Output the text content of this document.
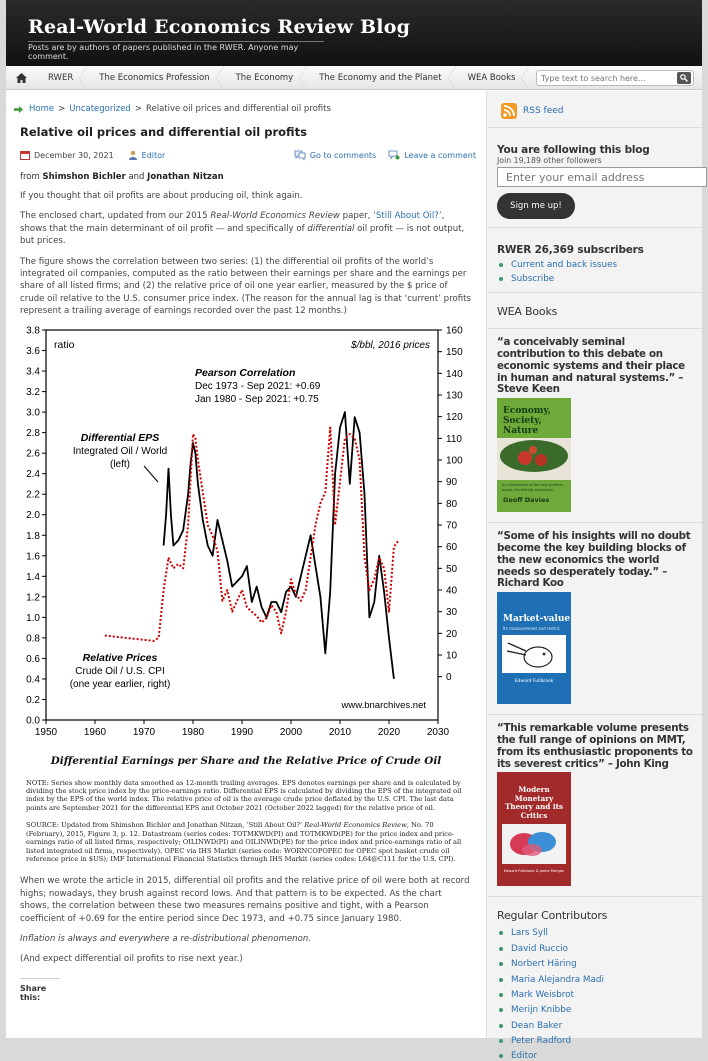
Real-World Economics Review Blog
Posts are by authors of papers published in the RWER. Anyone may comment.
RWER	The Economics Profession	The Economy	The Economy and the Planet	WEA Books
Type text to search here...
Home > Uncategorized > Relative oil prices and differential oil profits
Relative oil prices and differential oil profits
December 30, 2021	Editor	Go to comments	Leave a comment
from Shimshon Bichler and Jonathan Nitzan

If you thought that oil profits are about producing oil, think again.

The enclosed chart, updated from our 2015 Real-World Economics Review paper, ‘Still About Oil?’, shows that the main determinant of oil profit — and specifically of differential oil profit — is not output, but prices.

The figure shows the correlation between two series: (1) the differential oil profits of the world’s integrated oil companies, computed as the ratio between their earnings per share and the earnings per share of all listed firms; and (2) the relative price of oil one year earlier, measured by the $ price of crude oil relative to the U.S. consumer price index. (The reason for the annual lag is that ‘current’ profits represent a trailing average of earnings recorded over the past 12 months.)

1950	1960	1970	1980	1990	2000	2010	2020	2030
0.0
0.2
0.4
0.6
0.8
1.0
1.2
1.4
1.6
1.8
2.0
2.2
2.4
2.6
2.8
3.0
3.2
3.4
3.6
3.8
0
10
20
30
40
50
60
70
80
90
100
110
120
130
140
150
160
ratio	$/bbl, 2016 prices
Pearson Correlation
Dec 1973 - Sep 2021: +0.69
Jan 1980 - Sep 2021: +0.75
Differential EPS
Integrated Oil / World
(left)
Relative Prices
Crude Oil / U.S. CPI
(one year earlier, right)
www.bnarchives.net
Differential Earnings per Share and the Relative Price of Crude Oil
NOTE: Series show monthly data smoothed as 12-month trailing averages. EPS denotes earnings per share and is calculated by dividing the stock price index by the price-earnings ratio. Differential EPS is calculated by dividing the EPS of the integrated oil index by the EPS of the world index. The relative price of oil is the average crude price deflated by the U.S. CPI. The last data points are September 2021 for the differential EPS and October 2021 (October 2022 lagged) for the relative price of oil.
SOURCE: Updated from Shimshon Bichler and Jonathan Nitzan, ‘Still About Oil?’ Real-World Economics Review, No. 70 (February), 2015, Figure 3, p. 12. Datastream (series codes: TOTMKWD(PI) and TOTMKWD(PE) for the price index and price-earnings ratio of all listed firms, respectively; OILINWD(PI) and OILINWD(PE) for the price index and price-earnings ratio of all listed integrated oil firms, respectively). OPEC via IHS Markit (series code: WORNCOPOPEC for OPEC spot basket crude oil reference price in $US); IMF International Financial Statistics through IHS Markit (series codes: L64@C111 for the U.S. CPI).

When we wrote the article in 2015, differential oil profits and the relative price of oil were both at record highs; nowadays, they brush against record lows. And that pattern is to be expected. As the chart shows, the correlation between these two measures remains positive and tight, with a Pearson coefficient of +0.69 for the entire period since Dec 1973, and +0.75 since January 1980.

Inflation is always and everywhere a re-distributional phenomenon.

(And expect differential oil profits to rise next year.)

Share this:
RSS feed
You are following this blog
Join 19,189 other followers
Enter your email address
Sign me up!
RWER 26,369 subscribers
Current and back issues
Subscribe
WEA Books
“a conceivably seminal contribution to this debate on economic systems and their place in human and natural systems.” – Steve Keen
Economy, Society, Nature
An introduction to the new systems-based, life-friendly economics
Geoff Davies
“Some of his insights will no doubt become the key building blocks of the new economics the world needs so desperately today.” – Richard Koo
Market-value
Its measurement and metric
Edward Fullbrook
“This remarkable volume presents the full range of opinions on MMT, from its enthusiastic proponents to its severest critics” – John King
Modern Monetary Theory and its Critics
Edward Fullbrook & Jamie Morgan
Regular Contributors
Lars Syll
David Ruccio
Norbert Häring
Maria Alejandra Madi
Mark Weisbrot
Merijn Knibbe
Dean Baker
Peter Radford
Editor
